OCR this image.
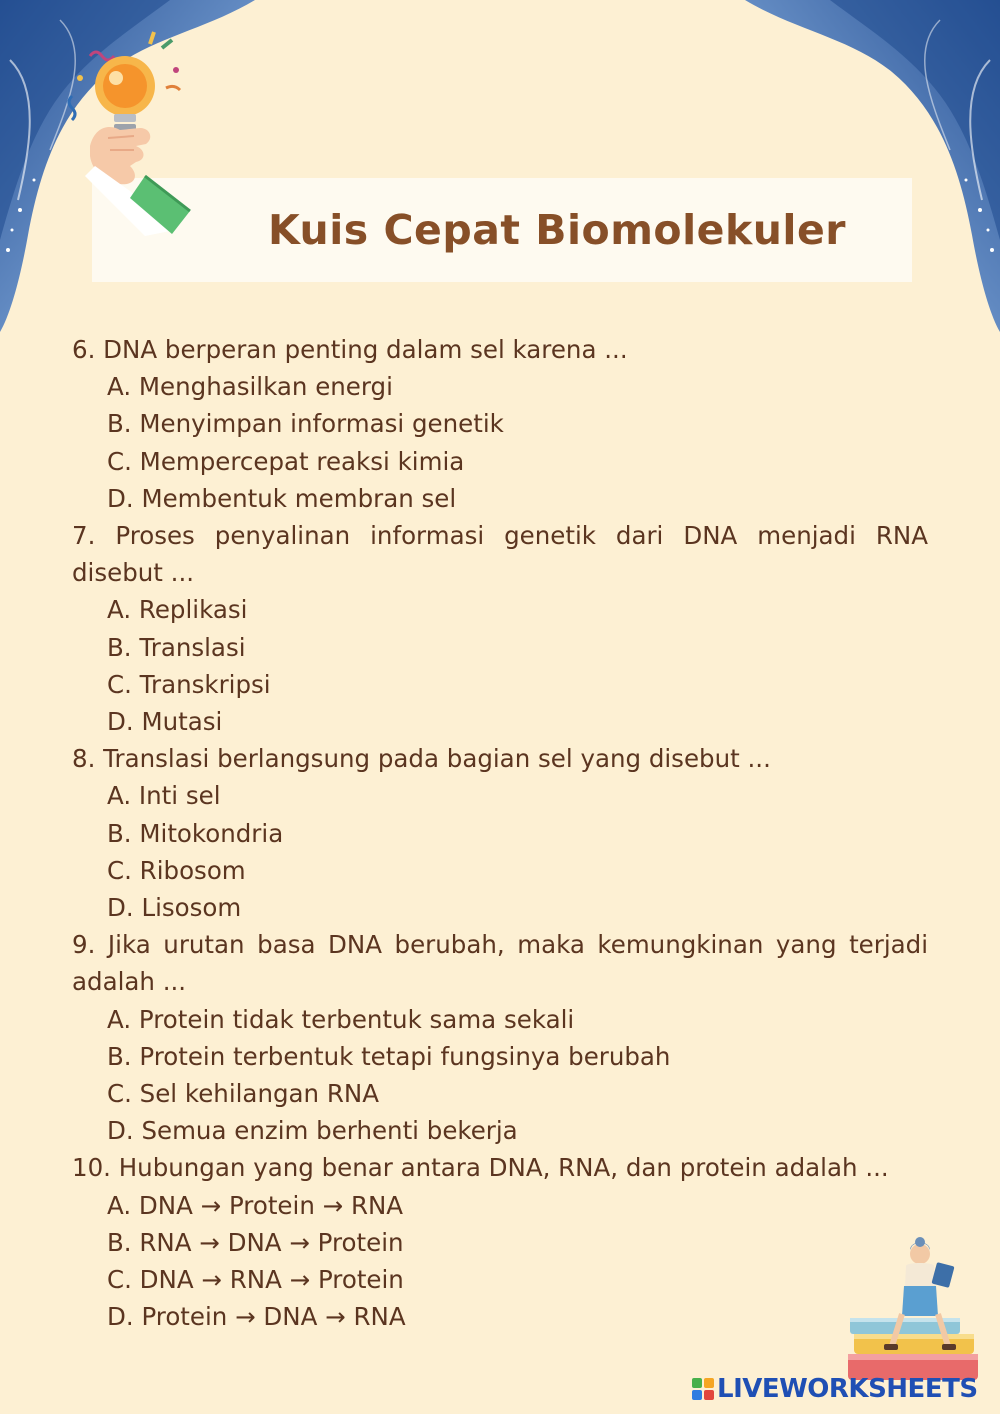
Kuis Cepat Biomolekuler
6. DNA berperan penting dalam sel karena ...
A. Menghasilkan energi
B. Menyimpan informasi genetik
C. Mempercepat reaksi kimia
D. Membentuk membran sel
7. Proses penyalinan informasi genetik dari DNA menjadi RNA disebut ...
A. Replikasi
B. Translasi
C. Transkripsi
D. Mutasi
8. Translasi berlangsung pada bagian sel yang disebut ...
A. Inti sel
B. Mitokondria
C. Ribosom
D. Lisosom
9. Jika urutan basa DNA berubah, maka kemungkinan yang terjadi adalah ...
A. Protein tidak terbentuk sama sekali
B. Protein terbentuk tetapi fungsinya berubah
C. Sel kehilangan RNA
D. Semua enzim berhenti bekerja
10. Hubungan yang benar antara DNA, RNA, dan protein adalah ...
A. DNA → Protein → RNA
B. RNA → DNA → Protein
C. DNA → RNA → Protein
D. Protein → DNA → RNA
LIVEWORKSHEETS
